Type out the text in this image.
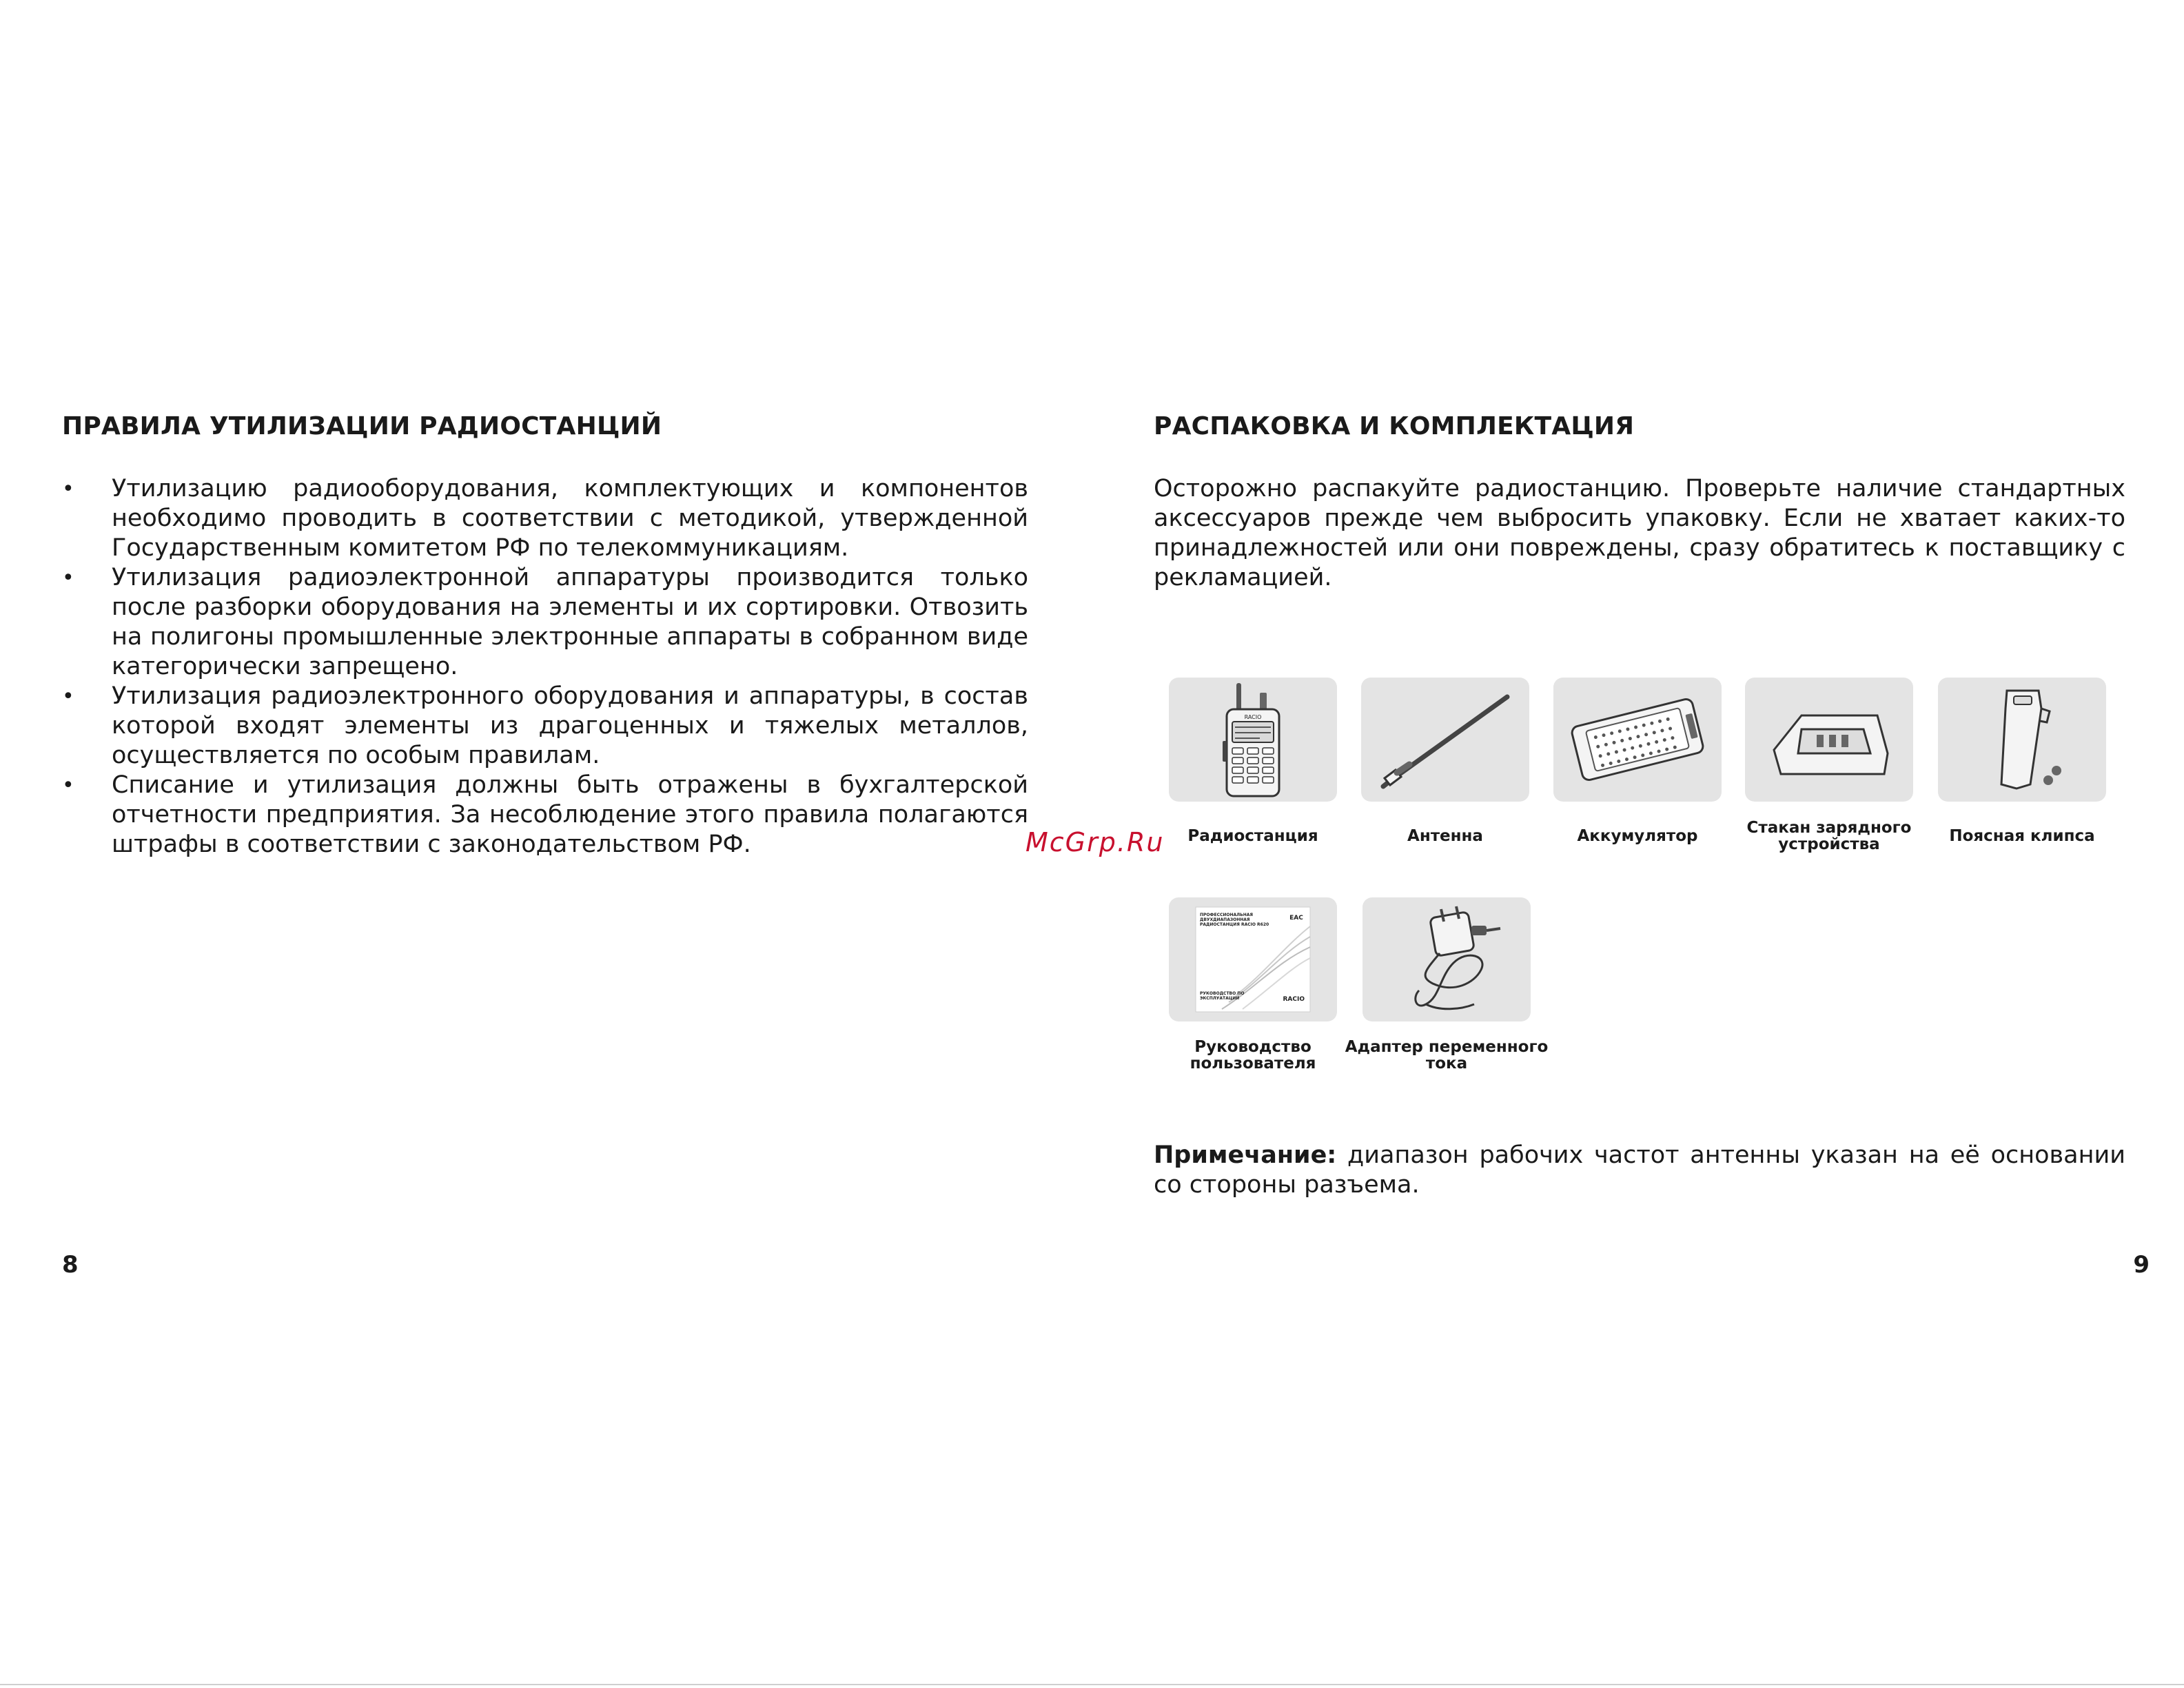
ПРАВИЛА УТИЛИЗАЦИИ РАДИОСТАНЦИЙ
• Утилизацию радиооборудования, комплектующих и компонентов необходимо проводить в соответствии с методикой, утвержденной Государственным комитетом РФ по телекоммуникациям.
• Утилизация радиоэлектронной аппаратуры производится только после разборки оборудования на элементы и их сортировки. Отвозить на полигоны промышленные электронные аппараты в собранном виде категорически запрещено.
• Утилизация радиоэлектронного оборудования и аппаратуры, в состав которой входят элементы из драгоценных и тяжелых металлов, осуществляется по особым правилам.
• Списание и утилизация должны быть отражены в бухгалтерской отчетности предприятия. За несоблюдение этого правила полагаются штрафы в соответствии с законодательством РФ.
8
РАСПАКОВКА И КОМПЛЕКТАЦИЯ

Осторожно распакуйте радиостанцию. Проверьте наличие стандартных аксессуаров прежде чем выбросить упаковку. Если не хватает каких-то принадлежностей или они повреждены, сразу обратитесь к поставщику с рекламацией.

RACIO
Радиостанция	Антенна	Аккумулятор	Стакан зарядного устройства	Поясная клипса
ПРОФЕССИОНАЛЬНАЯ ДВУХДИАПАЗОННАЯ РАДИОСТАНЦИЯ RACIO R620
EAC
РУКОВОДСТВО ПО ЭКСПЛУАТАЦИИ	RACIO
Руководство пользователя
Адаптер переменного тока

Примечание: диапазон рабочих частот антенны указан на её основании со стороны разъема.

9
McGrp.Ru
